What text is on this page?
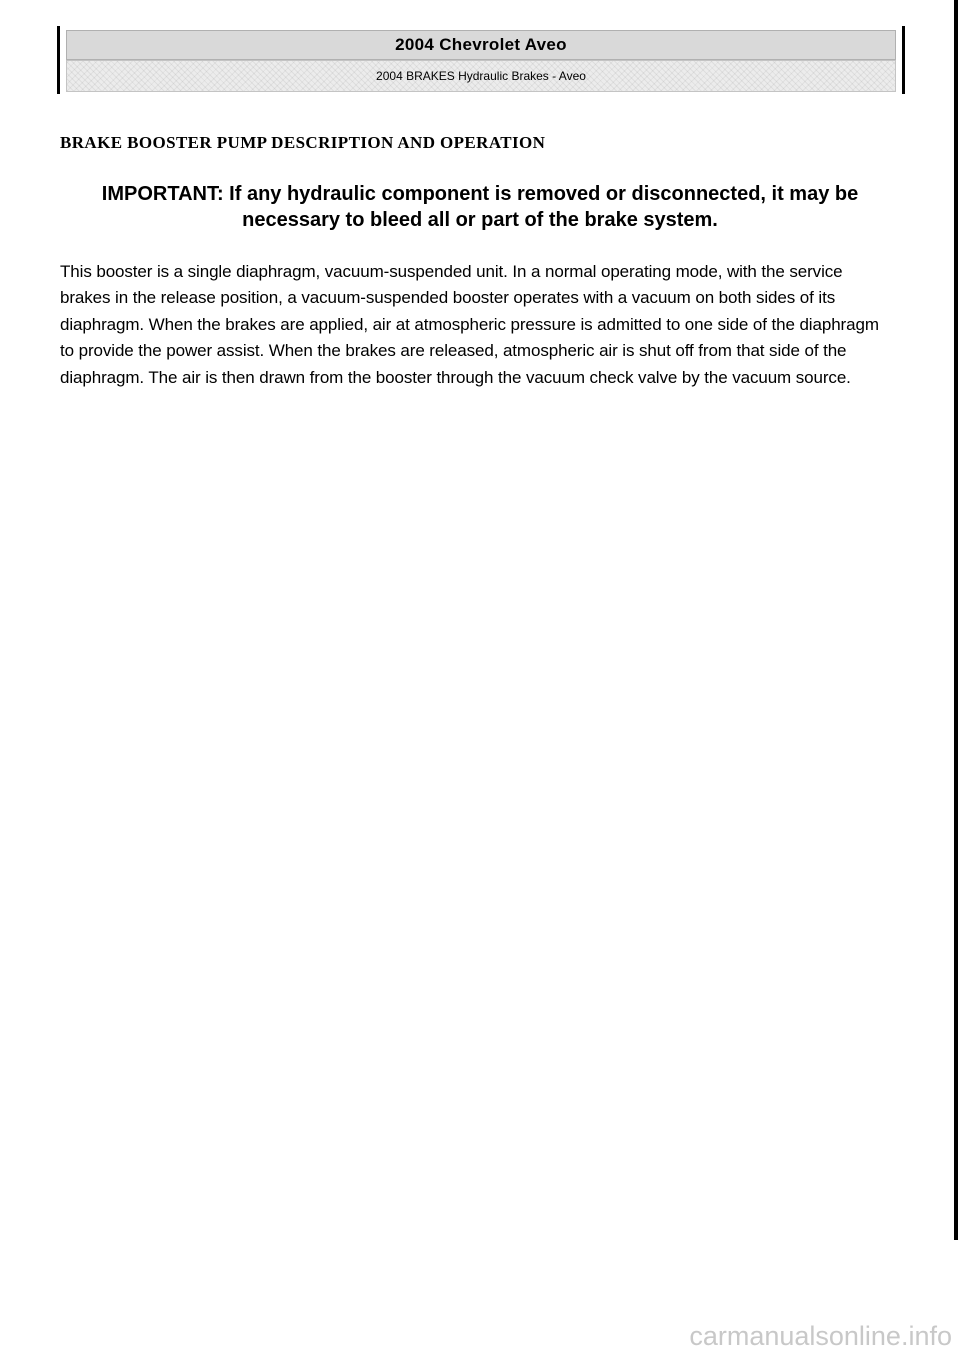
2004 Chevrolet Aveo
2004 BRAKES Hydraulic Brakes - Aveo
BRAKE BOOSTER PUMP DESCRIPTION AND OPERATION
IMPORTANT: If any hydraulic component is removed or disconnected, it may be necessary to bleed all or part of the brake system.
This booster is a single diaphragm, vacuum-suspended unit. In a normal operating mode, with the service brakes in the release position, a vacuum-suspended booster operates with a vacuum on both sides of its diaphragm. When the brakes are applied, air at atmospheric pressure is admitted to one side of the diaphragm to provide the power assist. When the brakes are released, atmospheric air is shut off from that side of the diaphragm. The air is then drawn from the booster through the vacuum check valve by the vacuum source.
carmanualsonline.info
